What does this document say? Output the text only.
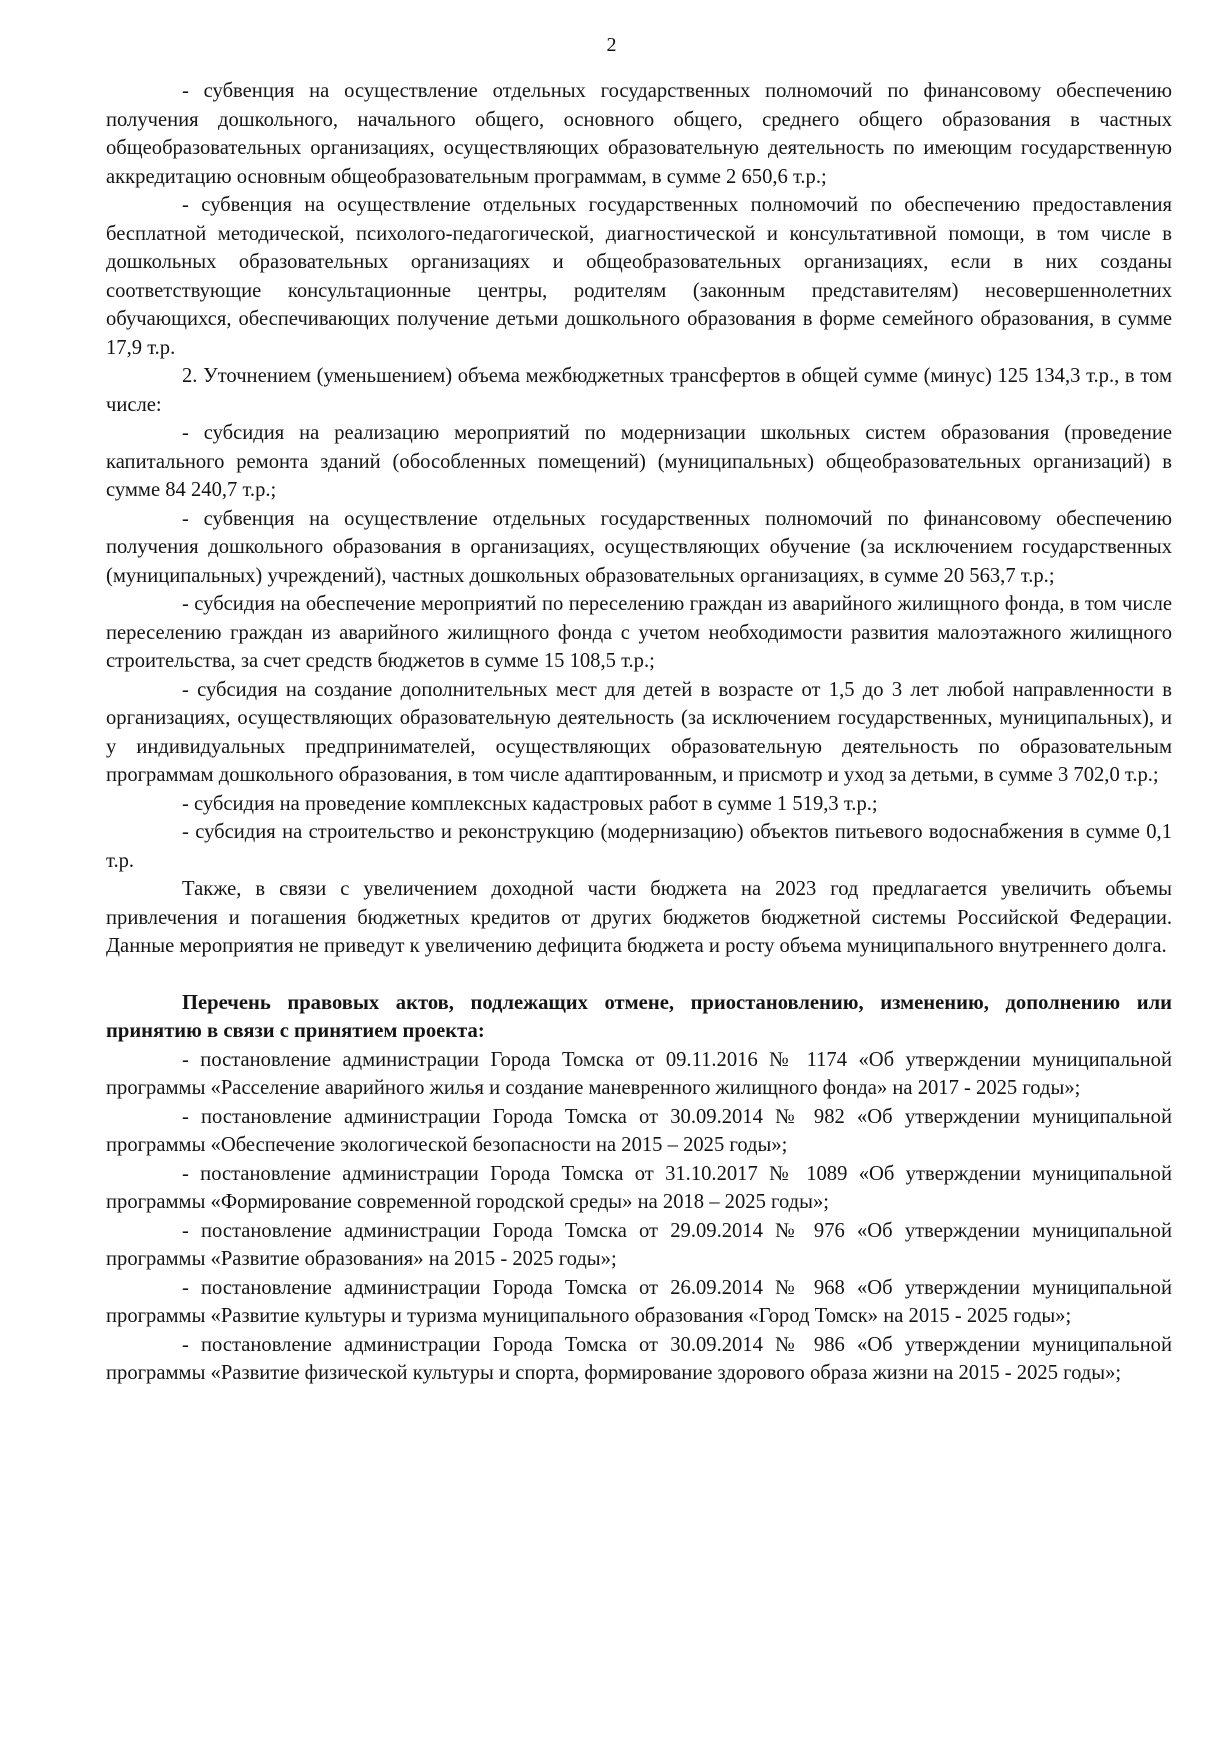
2

- субвенция на осуществление отдельных государственных полномочий по финансовому обеспечению получения дошкольного, начального общего, основного общего, среднего общего образования в частных общеобразовательных организациях, осуществляющих образовательную деятельность по имеющим государственную аккредитацию основным общеобразовательным программам, в сумме 2 650,6 т.р.;

- субвенция на осуществление отдельных государственных полномочий по обеспечению предоставления бесплатной методической, психолого-педагогической, диагностической и консультативной помощи, в том числе в дошкольных образовательных организациях и общеобразовательных организациях, если в них созданы соответствующие консультационные центры, родителям (законным представителям) несовершеннолетних обучающихся, обеспечивающих получение детьми дошкольного образования в форме семейного образования, в сумме 17,9 т.р.

2. Уточнением (уменьшением) объема межбюджетных трансфертов в общей сумме (минус) 125 134,3 т.р., в том числе:

- субсидия на реализацию мероприятий по модернизации школьных систем образования (проведение капитального ремонта зданий (обособленных помещений) (муниципальных) общеобразовательных организаций) в сумме 84 240,7 т.р.;

- субвенция на осуществление отдельных государственных полномочий по финансовому обеспечению получения дошкольного образования в организациях, осуществляющих обучение (за исключением государственных (муниципальных) учреждений), частных дошкольных образовательных организациях, в сумме 20 563,7 т.р.;

- субсидия на обеспечение мероприятий по переселению граждан из аварийного жилищного фонда, в том числе переселению граждан из аварийного жилищного фонда с учетом необходимости развития малоэтажного жилищного строительства, за счет средств бюджетов в сумме 15 108,5 т.р.;

- субсидия на создание дополнительных мест для детей в возрасте от 1,5 до 3 лет любой направленности в организациях, осуществляющих образовательную деятельность (за исключением государственных, муниципальных), и у индивидуальных предпринимателей, осуществляющих образовательную деятельность по образовательным программам дошкольного образования, в том числе адаптированным, и присмотр и уход за детьми, в сумме 3 702,0 т.р.;

- субсидия на проведение комплексных кадастровых работ в сумме 1 519,3 т.р.;

- субсидия на строительство и реконструкцию (модернизацию) объектов питьевого водоснабжения в сумме 0,1 т.р.

Также, в связи с увеличением доходной части бюджета на 2023 год предлагается увеличить объемы привлечения и погашения бюджетных кредитов от других бюджетов бюджетной системы Российской Федерации. Данные мероприятия не приведут к увеличению дефицита бюджета и росту объема муниципального внутреннего долга.

Перечень правовых актов, подлежащих отмене, приостановлению, изменению, дополнению или принятию в связи с принятием проекта:

- постановление администрации Города Томска от 09.11.2016 № 1174 «Об утверждении муниципальной программы «Расселение аварийного жилья и создание маневренного жилищного фонда» на 2017 - 2025 годы»;

- постановление администрации Города Томска от 30.09.2014 № 982 «Об утверждении муниципальной программы «Обеспечение экологической безопасности на 2015 – 2025 годы»;

- постановление администрации Города Томска от 31.10.2017 № 1089 «Об утверждении муниципальной программы «Формирование современной городской среды» на 2018 – 2025 годы»;

- постановление администрации Города Томска от 29.09.2014 № 976 «Об утверждении муниципальной программы «Развитие образования» на 2015 - 2025 годы»;

- постановление администрации Города Томска от 26.09.2014 № 968 «Об утверждении муниципальной программы «Развитие культуры и туризма муниципального образования «Город Томск» на 2015 - 2025 годы»;

- постановление администрации Города Томска от 30.09.2014 № 986 «Об утверждении муниципальной программы «Развитие физической культуры и спорта, формирование здорового образа жизни на 2015 - 2025 годы»;
